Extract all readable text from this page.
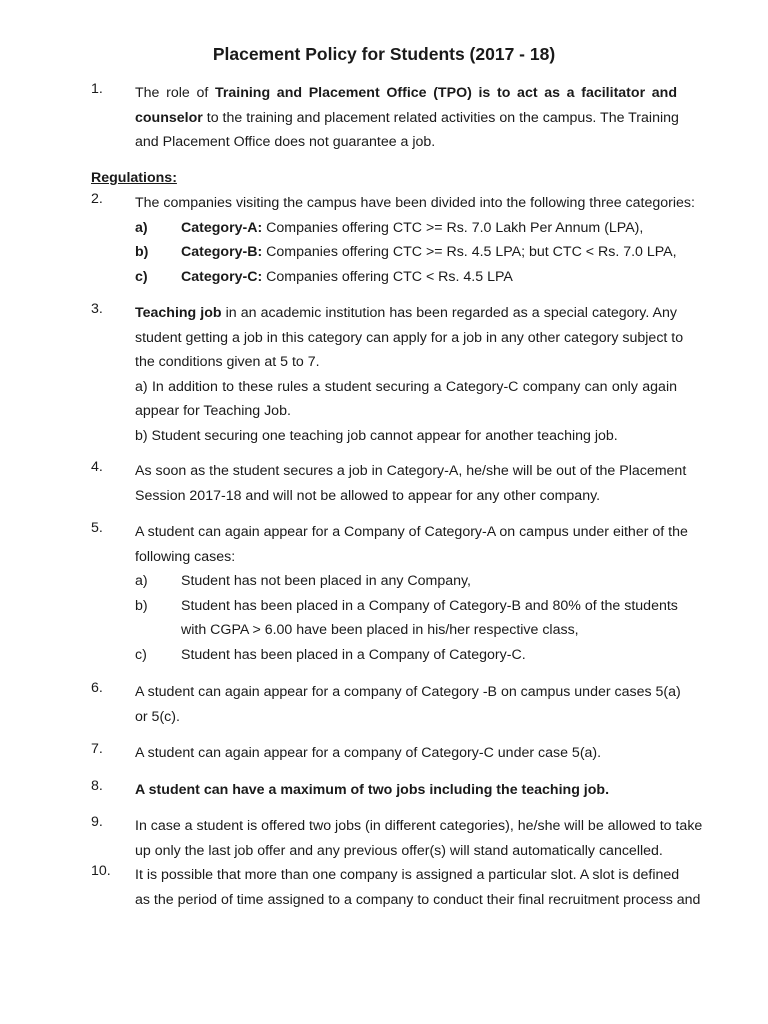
Placement Policy for Students (2017 - 18)
1.	The role of Training and Placement Office (TPO) is to act as a facilitator and
counselor to the training and placement related activities on the campus. The Training
and Placement Office does not guarantee a job.
Regulations:
2.	The companies visiting the campus have been divided into the following three categories:
a) Category-A: Companies offering CTC >= Rs. 7.0 Lakh Per Annum (LPA),
b) Category-B: Companies offering CTC >= Rs. 4.5 LPA; but CTC < Rs. 7.0 LPA,
c) Category-C: Companies offering CTC < Rs. 4.5 LPA
3.	Teaching job in an academic institution has been regarded as a special category. Any
student getting a job in this category can apply for a job in any other category subject to
the conditions given at 5 to 7.
a) In addition to these rules a student securing a Category-C company can only again
appear for Teaching Job.
b) Student securing one teaching job cannot appear for another teaching job.
4.	As soon as the student secures a job in Category-A, he/she will be out of the Placement
Session 2017-18 and will not be allowed to appear for any other company.
5.	A student can again appear for a Company of Category-A on campus under either of the
following cases:
a) Student has not been placed in any Company,
b) Student has been placed in a Company of Category-B and 80% of the students
with CGPA > 6.00 have been placed in his/her respective class,
c) Student has been placed in a Company of Category-C.
6.	A student can again appear for a company of Category -B on campus under cases 5(a)
or 5(c).
7.	A student can again appear for a company of Category-C under case 5(a).
8.	A student can have a maximum of two jobs including the teaching job.
9.	In case a student is offered two jobs (in different categories), he/she will be allowed to take
up only the last job offer and any previous offer(s) will stand automatically cancelled.
10.	It is possible that more than one company is assigned a particular slot. A slot is defined
as the period of time assigned to a company to conduct their final recruitment process and
